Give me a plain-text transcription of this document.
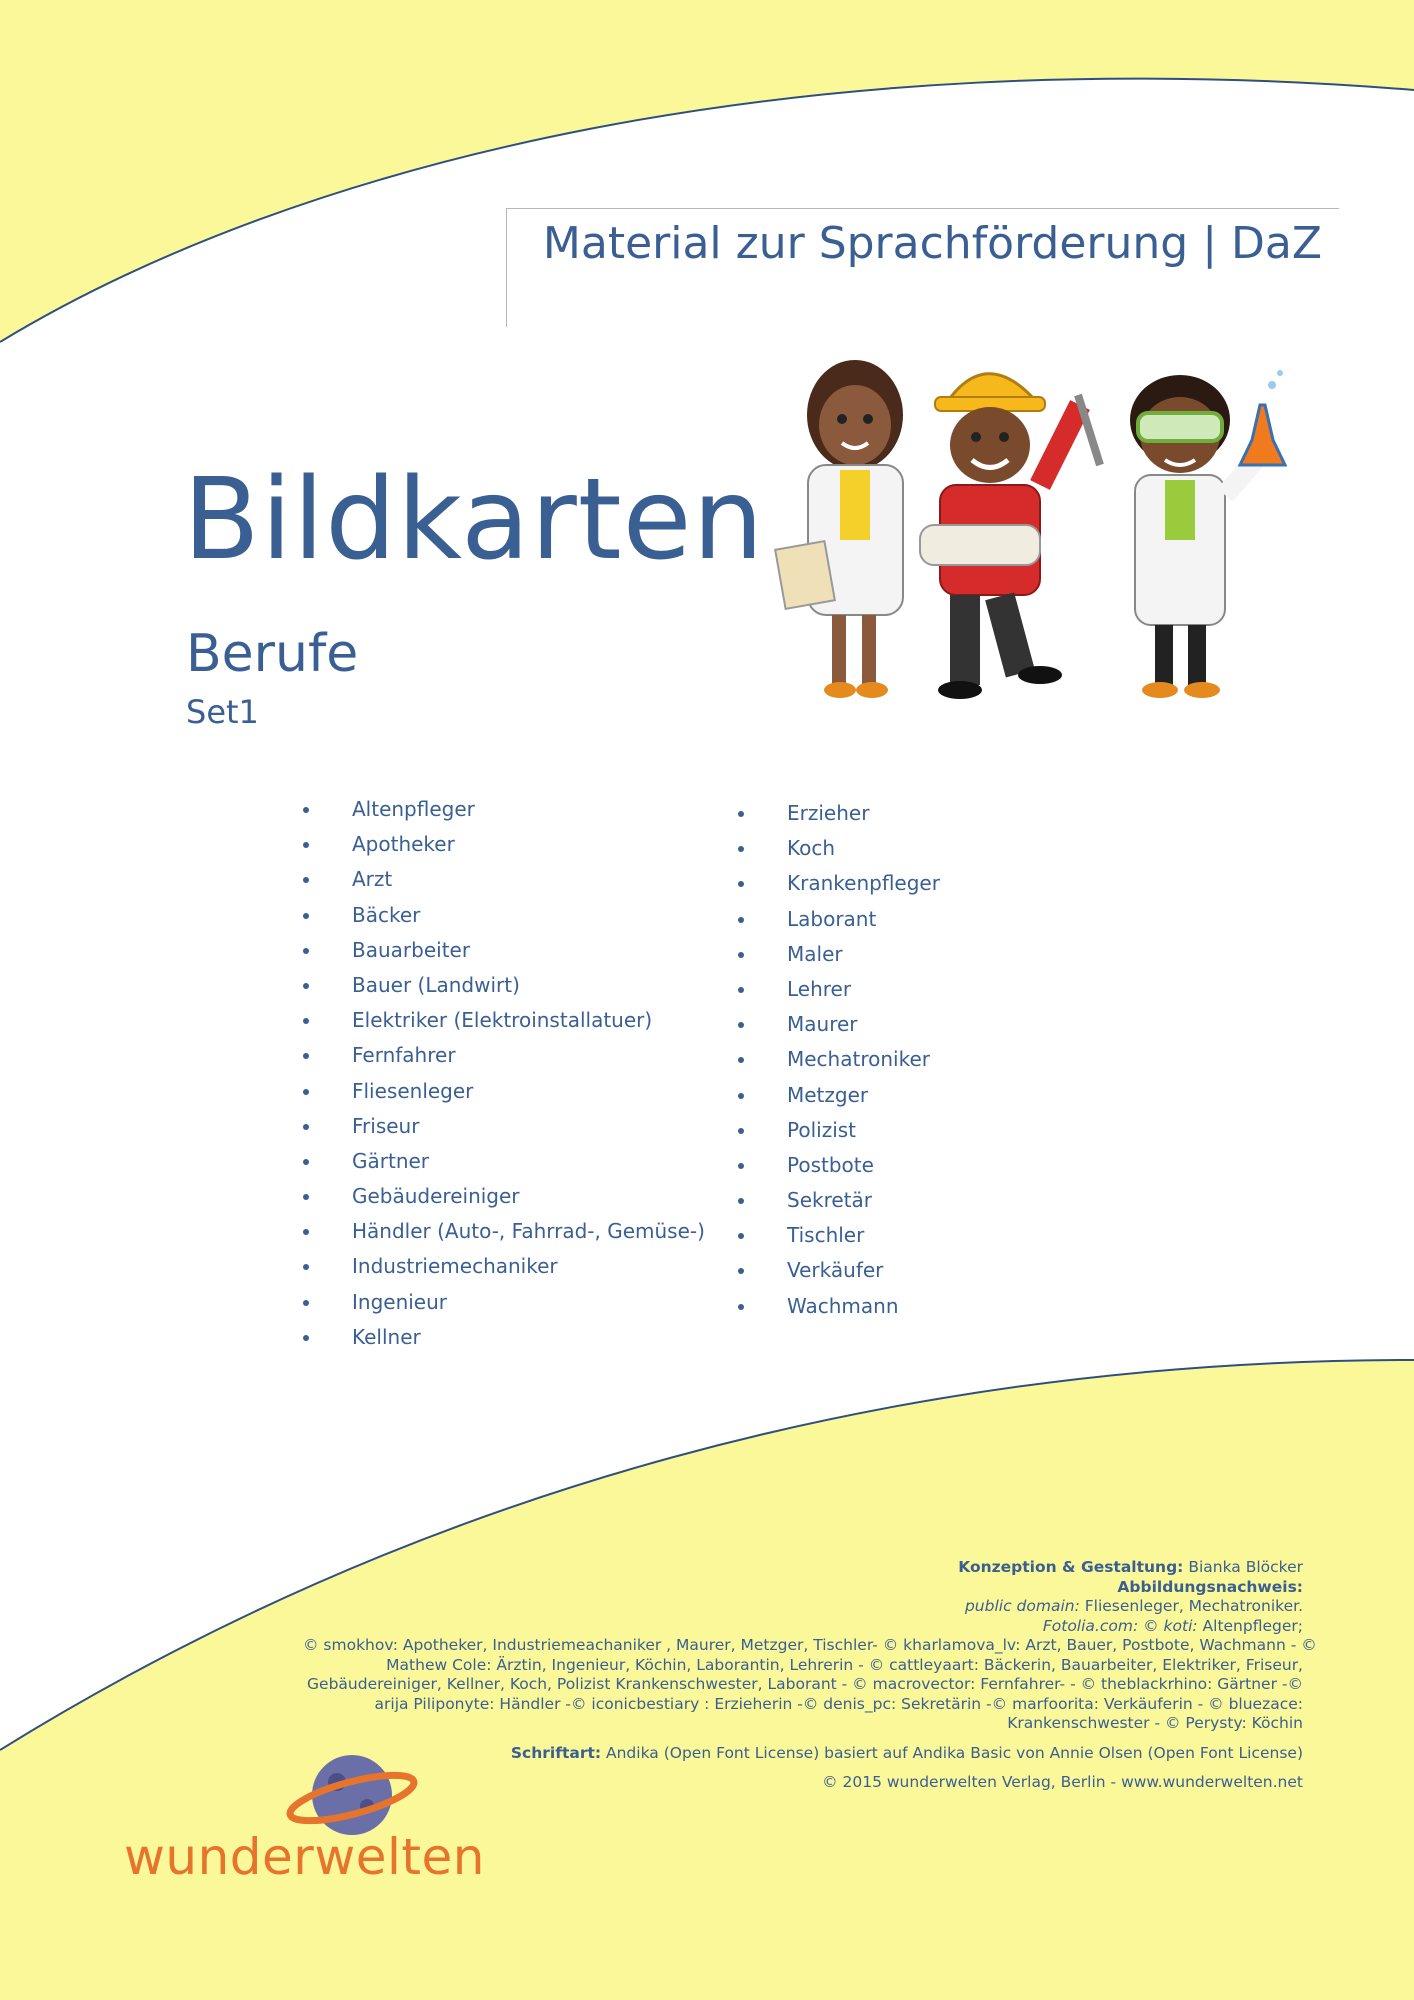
Material zur Sprachförderung | DaZ
Bildkarten
Berufe
Set1
Altenpfleger
Apotheker
Arzt
Bäcker
Bauarbeiter
Bauer (Landwirt)
Elektriker (Elektroinstallatuer)
Fernfahrer
Fliesenleger
Friseur
Gärtner
Gebäudereiniger
Händler (Auto-, Fahrrad-, Gemüse-)
Industriemechaniker
Ingenieur
Kellner
Erzieher
Koch
Krankenpfleger
Laborant
Maler
Lehrer
Maurer
Mechatroniker
Metzger
Polizist
Postbote
Sekretär
Tischler
Verkäufer
Wachmann
Konzeption & Gestaltung: Bianka Blöcker
Abbildungsnachweis:
public domain: Fliesenleger, Mechatroniker.
Fotolia.com: © koti: Altenpfleger;
© smokhov: Apotheker, Industriemeachaniker , Maurer, Metzger, Tischler- © kharlamova_lv: Arzt, Bauer, Postbote, Wachmann - ©
Mathew Cole: Ärztin, Ingenieur, Köchin, Laborantin, Lehrerin - © cattleyaart: Bäckerin, Bauarbeiter, Elektriker, Friseur,
Gebäudereiniger, Kellner, Koch, Polizist Krankenschwester, Laborant - © macrovector: Fernfahrer- - © theblackrhino: Gärtner -©
arija Piliponyte: Händler -© iconicbestiary : Erzieherin -© denis_pc: Sekretärin -© marfoorita: Verkäuferin - © bluezace:
Krankenschwester - © Perysty: Köchin
Schriftart: Andika (Open Font License) basiert auf Andika Basic von Annie Olsen (Open Font License)
© 2015 wunderwelten Verlag, Berlin - www.wunderwelten.net
wunderwelten
